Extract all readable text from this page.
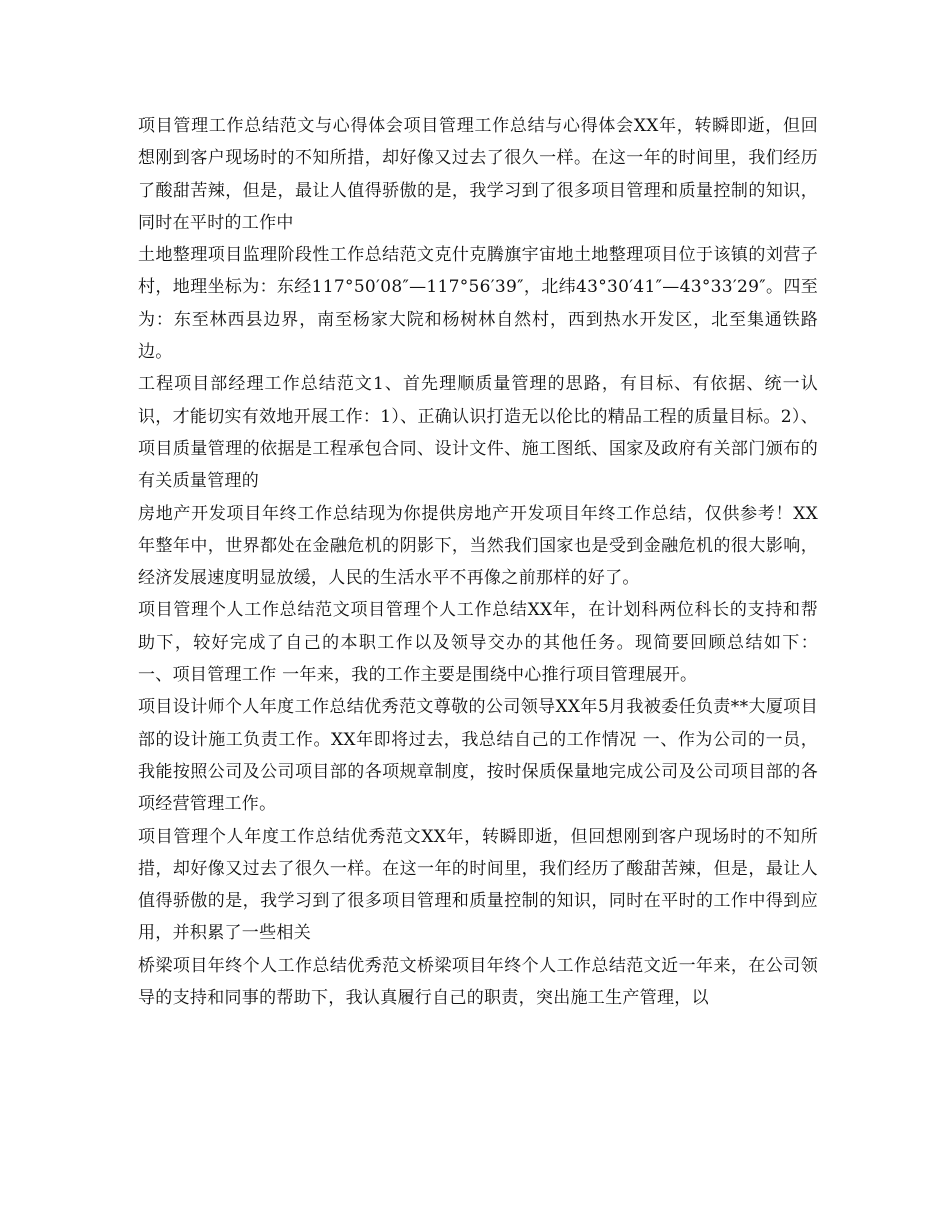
项目管理工作总结范文与心得体会项目管理工作总结与心得体会XX年，转瞬即逝，但回想刚到客户现场时的不知所措，却好像又过去了很久一样。在这一年的时间里，我们经历了酸甜苦辣，但是，最让人值得骄傲的是，我学习到了很多项目管理和质量控制的知识，同时在平时的工作中

土地整理项目监理阶段性工作总结范文克什克腾旗宇宙地土地整理项目位于该镇的刘营子村，地理坐标为：东经117°50′08″—117°56′39″，北纬43°30′41″—43°33′29″。四至为：东至林西县边界，南至杨家大院和杨树林自然村，西到热水开发区，北至集通铁路边。

工程项目部经理工作总结范文1、首先理顺质量管理的思路，有目标、有依据、统一认识，才能切实有效地开展工作：1）、正确认识打造无以伦比的精品工程的质量目标。2）、项目质量管理的依据是工程承包合同、设计文件、施工图纸、国家及政府有关部门颁布的有关质量管理的

房地产开发项目年终工作总结现为你提供房地产开发项目年终工作总结，仅供参考！XX年整年中，世界都处在金融危机的阴影下，当然我们国家也是受到金融危机的很大影响，经济发展速度明显放缓，人民的生活水平不再像之前那样的好了。

项目管理个人工作总结范文项目管理个人工作总结XX年，在计划科两位科长的支持和帮助下，较好完成了自己的本职工作以及领导交办的其他任务。现简要回顾总结如下： 一、项目管理工作 一年来，我的工作主要是围绕中心推行项目管理展开。

项目设计师个人年度工作总结优秀范文尊敬的公司领导XX年5月我被委任负责**大厦项目部的设计施工负责工作。XX年即将过去，我总结自己的工作情况 一、作为公司的一员，我能按照公司及公司项目部的各项规章制度，按时保质保量地完成公司及公司项目部的各项经营管理工作。

项目管理个人年度工作总结优秀范文XX年，转瞬即逝，但回想刚到客户现场时的不知所措，却好像又过去了很久一样。在这一年的时间里，我们经历了酸甜苦辣，但是，最让人值得骄傲的是，我学习到了很多项目管理和质量控制的知识，同时在平时的工作中得到应用，并积累了一些相关

桥梁项目年终个人工作总结优秀范文桥梁项目年终个人工作总结范文近一年来，在公司领导的支持和同事的帮助下，我认真履行自己的职责，突出施工生产管理，以
